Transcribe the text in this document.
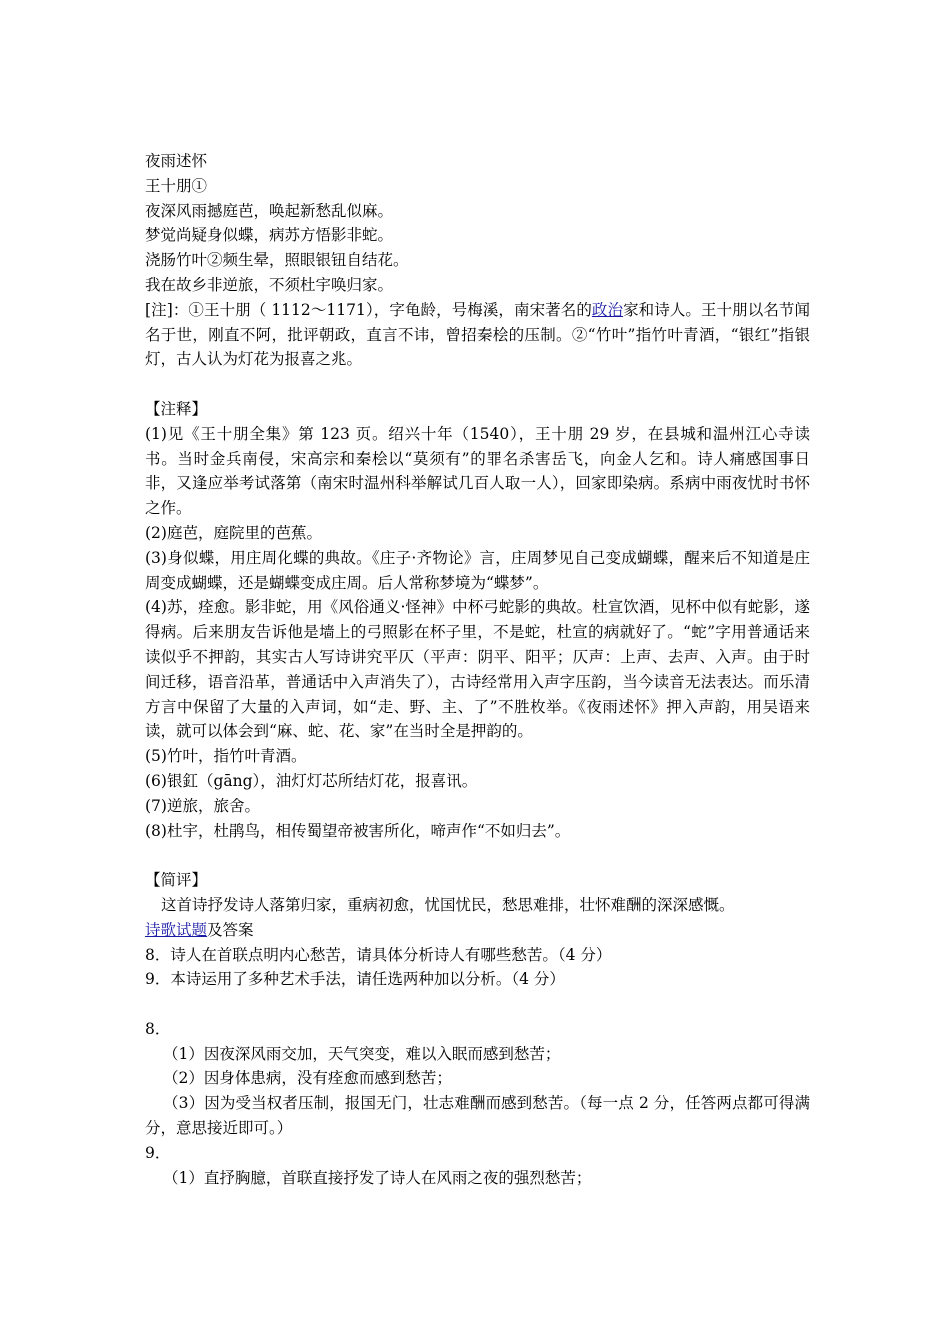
夜雨述怀
王十朋①
夜深风雨撼庭芭，唤起新愁乱似麻。
梦觉尚疑身似蝶，病苏方悟影非蛇。
浇肠竹叶②频生晕，照眼银钮自结花。
我在故乡非逆旅，不须杜宇唤归家。
[注]：①王十朋（ 1112～1171），字龟龄，号梅溪，南宋著名的政治家和诗人。王十朋以名节闻名于世，刚直不阿，批评朝政，直言不讳，曾招秦桧的压制。②“竹叶”指竹叶青酒，“银红”指银灯，古人认为灯花为报喜之兆。
【注释】
(1)见《王十朋全集》第 123 页。绍兴十年（1540），王十朋 29 岁，在县城和温州江心寺读书。当时金兵南侵，宋高宗和秦桧以“莫须有”的罪名杀害岳飞，向金人乞和。诗人痛感国事日非，又逢应举考试落第（南宋时温州科举解试几百人取一人），回家即染病。系病中雨夜忧时书怀之作。
(2)庭芭，庭院里的芭蕉。
(3)身似蝶，用庄周化蝶的典故。《庄子·齐物论》言，庄周梦见自己变成蝴蝶，醒来后不知道是庄周变成蝴蝶，还是蝴蝶变成庄周。后人常称梦境为“蝶梦”。
(4)苏，痊愈。影非蛇，用《风俗通义·怪神》中杯弓蛇影的典故。杜宣饮酒，见杯中似有蛇影，遂得病。后来朋友告诉他是墙上的弓照影在杯子里，不是蛇，杜宣的病就好了。“蛇”字用普通话来读似乎不押韵，其实古人写诗讲究平仄（平声：阴平、阳平；仄声：上声、去声、入声。由于时间迁移，语音沿革，普通话中入声消失了），古诗经常用入声字压韵，当今读音无法表达。而乐清方言中保留了大量的入声词，如“走、野、主、了”不胜枚举。《夜雨述怀》押入声韵，用吴语来读，就可以体会到“麻、蛇、花、家”在当时全是押韵的。
(5)竹叶，指竹叶青酒。
(6)银釭（gāng），油灯灯芯所结灯花，报喜讯。
(7)逆旅，旅舍。
(8)杜宇，杜鹃鸟，相传蜀望帝被害所化，啼声作“不如归去”。
【简评】
这首诗抒发诗人落第归家，重病初愈，忧国忧民，愁思难排，壮怀难酬的深深感慨。
诗歌试题及答案
8．诗人在首联点明内心愁苦，请具体分析诗人有哪些愁苦。（4 分）
9．本诗运用了多种艺术手法，请任选两种加以分析。（4 分）
8．
（1）因夜深风雨交加，天气突变，难以入眠而感到愁苦；
（2）因身体患病，没有痊愈而感到愁苦；
（3）因为受当权者压制，报国无门，壮志难酬而感到愁苦。（每一点 2 分，任答两点都可得满分，意思接近即可。）
9．
（1）直抒胸臆，首联直接抒发了诗人在风雨之夜的强烈愁苦；
